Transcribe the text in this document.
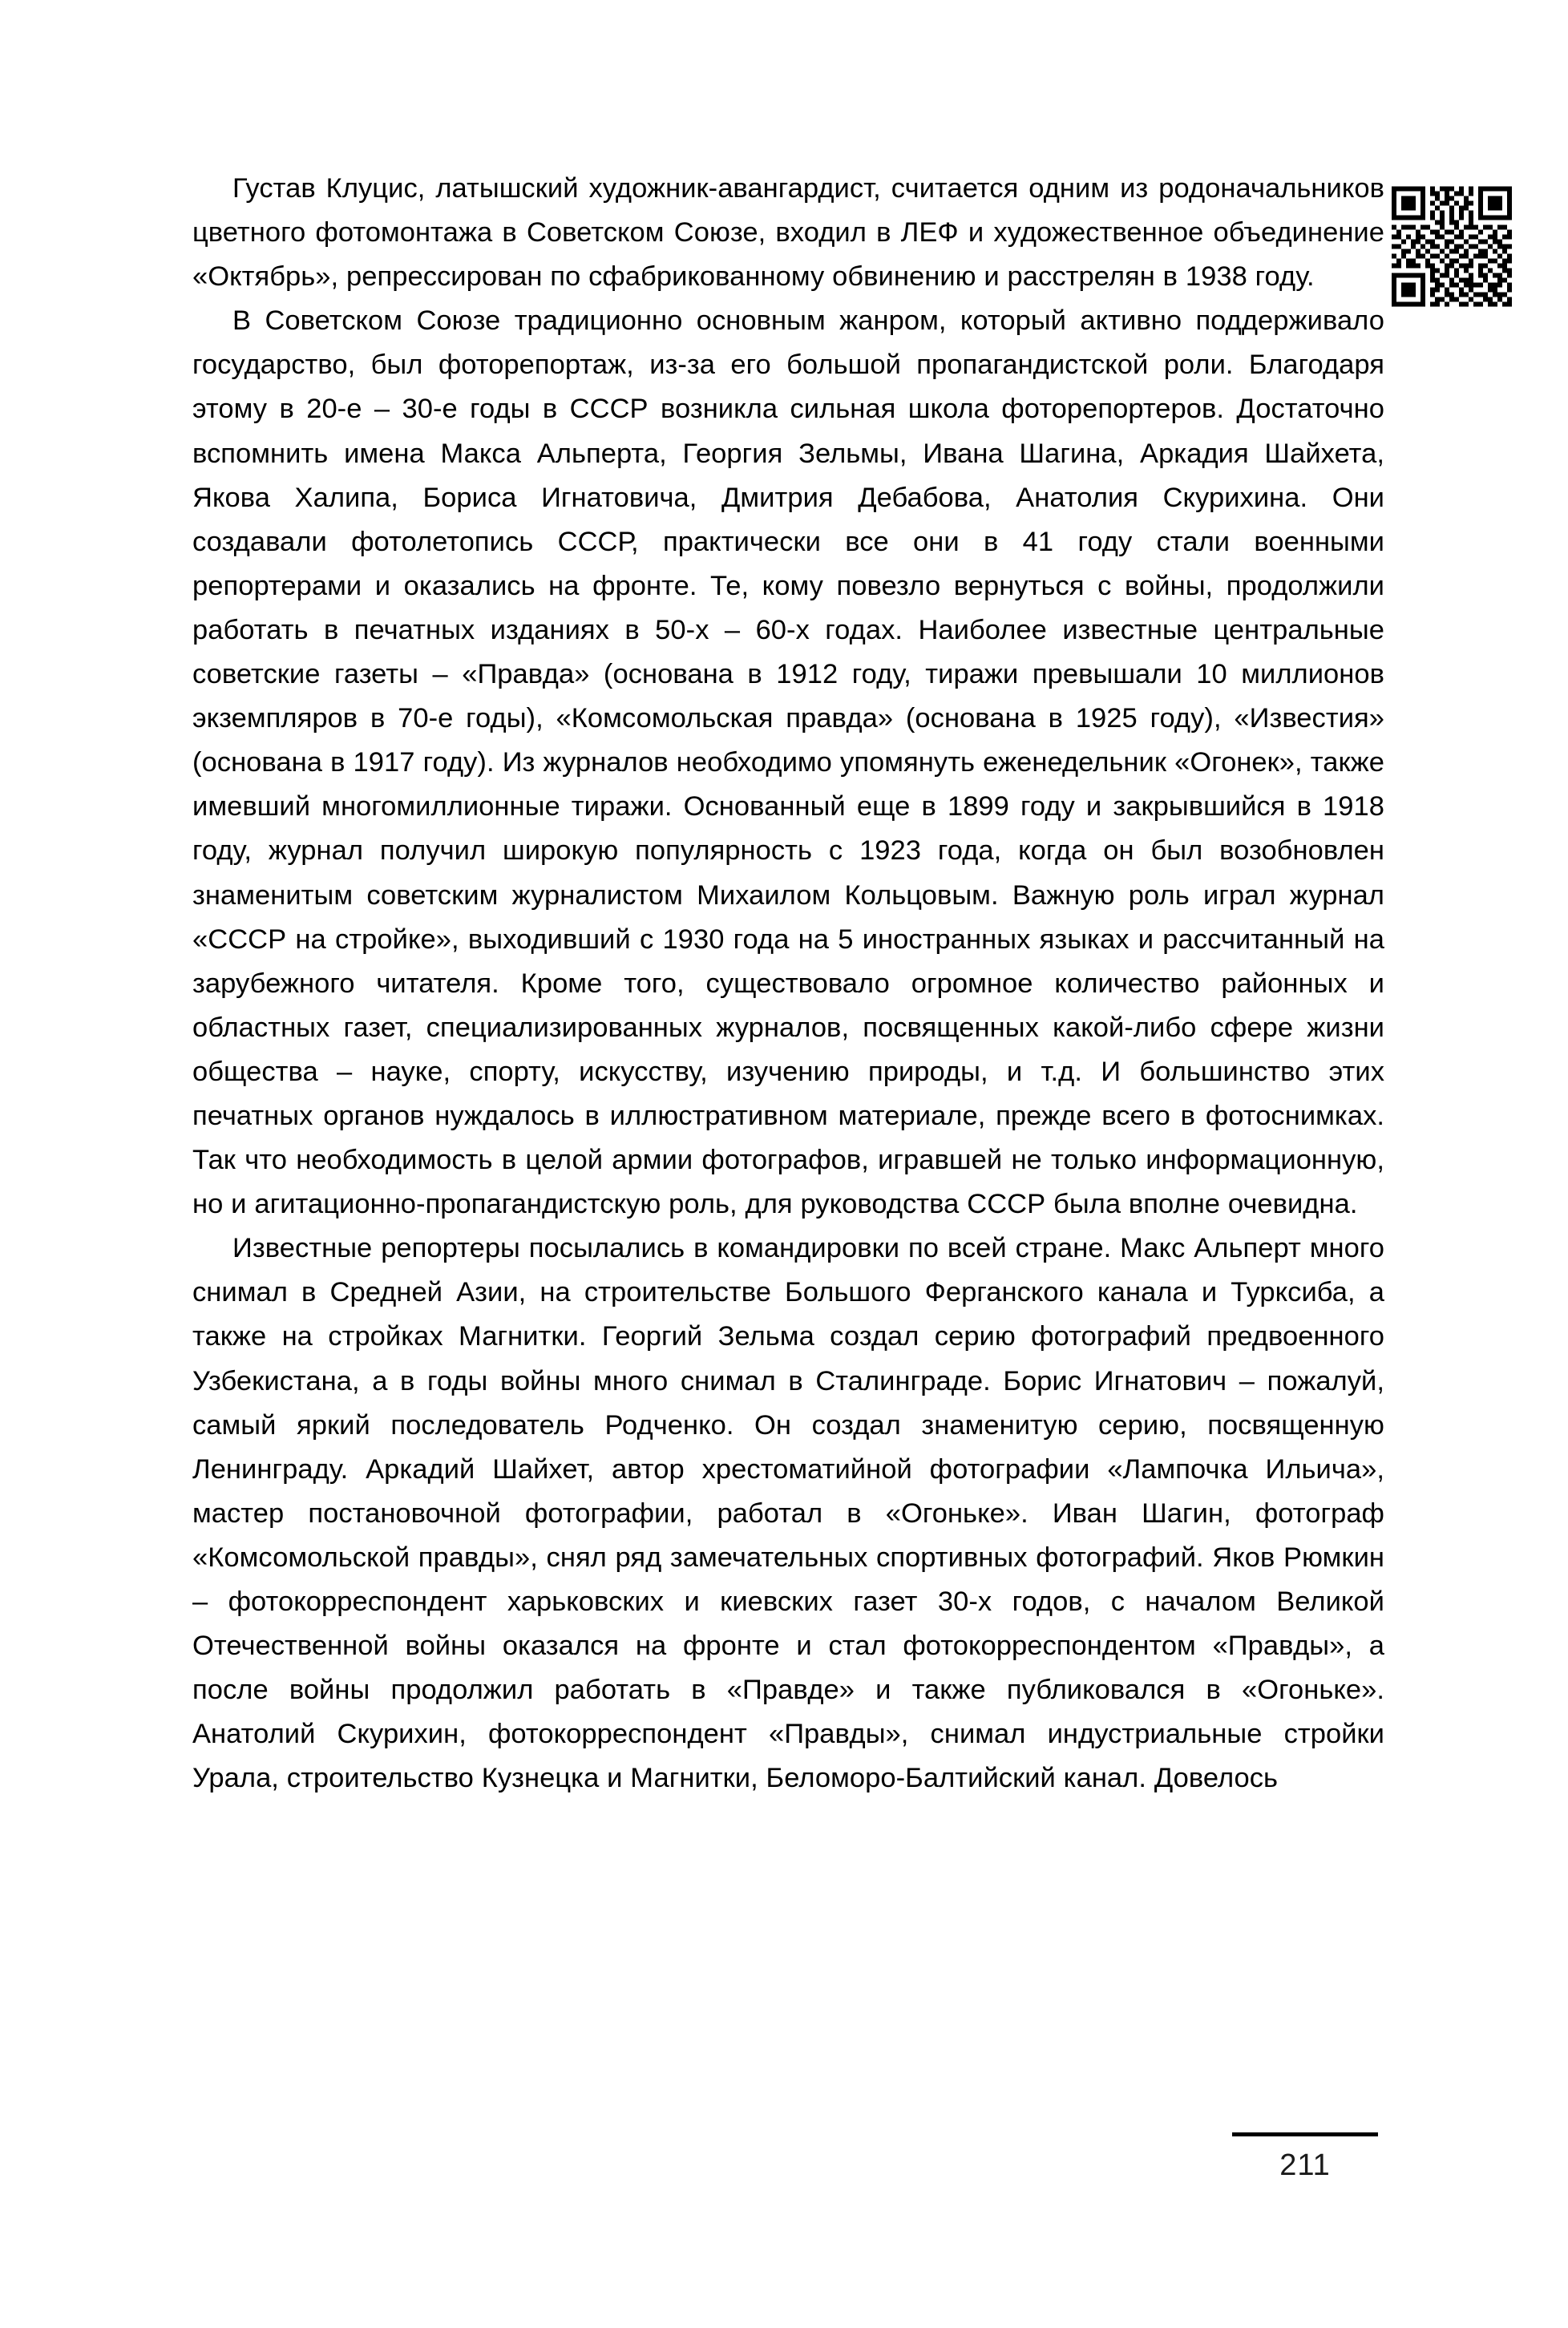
Густав Клуцис, латышский художник-авангардист, считается одним из родоначальников цветного фотомонтажа в Советском Союзе, входил в ЛЕФ и художественное объединение «Октябрь», репрессирован по сфабрикованному обвинению и расстрелян в 1938 году.

В Советском Союзе традиционно основным жанром, который активно поддерживало государство, был фоторепортаж, из-за его большой пропагандистской роли. Благодаря этому в 20-е – 30-е годы в СССР возникла сильная школа фоторепортеров. Достаточно вспомнить имена Макса Альперта, Георгия Зельмы, Ивана Шагина, Аркадия Шайхета, Якова Халипа, Бориса Игнатовича, Дмитрия Дебабова, Анатолия Скурихина. Они создавали фотолетопись СССР, практически все они в 41 году стали военными репортерами и оказались на фронте. Те, кому повезло вернуться с войны, продолжили работать в печатных изданиях в 50-х – 60-х годах. Наиболее известные центральные советские газеты – «Правда» (основана в 1912 году, тиражи превышали 10 миллионов экземпляров в 70-е годы), «Комсомольская правда» (основана в 1925 году), «Известия» (основана в 1917 году). Из журналов необходимо упомянуть еженедельник «Огонек», также имевший многомиллионные тиражи. Основанный еще в 1899 году и закрывшийся в 1918 году, журнал получил широкую популярность с 1923 года, когда он был возобновлен знаменитым советским журналистом Михаилом Кольцовым. Важную роль играл журнал «СССР на стройке», выходивший с 1930 года на 5 иностранных языках и рассчитанный на зарубежного читателя. Кроме того, существовало огромное количество районных и областных газет, специализированных журналов, посвященных какой-либо сфере жизни общества – науке, спорту, искусству, изучению природы, и т.д. И большинство этих печатных органов нуждалось в иллюстративном материале, прежде всего в фотоснимках. Так что необходимость в целой армии фотографов, игравшей не только информационную, но и агитационно-пропагандистскую роль, для руководства СССР была вполне очевидна.

Известные репортеры посылались в командировки по всей стране. Макс Альперт много снимал в Средней Азии, на строительстве Большого Ферганского канала и Турксиба, а также на стройках Магнитки. Георгий Зельма создал серию фотографий предвоенного Узбекистана, а в годы войны много снимал в Сталинграде. Борис Игнатович – пожалуй, самый яркий последователь Родченко. Он создал знаменитую серию, посвященную Ленинграду. Аркадий Шайхет, автор хрестоматийной фотографии «Лампочка Ильича», мастер постановочной фотографии, работал в «Огоньке». Иван Шагин, фотограф «Комсомольской правды», снял ряд замечательных спортивных фотографий. Яков Рюмкин – фотокорреспондент харьковских и киевских газет 30-х годов, с началом Великой Отечественной войны оказался на фронте и стал фотокорреспондентом «Правды», а после войны продолжил работать в «Правде» и также публиковался в «Огоньке». Анатолий Скурихин, фотокорреспондент «Правды», снимал индустриальные стройки Урала, строительство Кузнецка и Магнитки, Беломоро-Балтийский канал. Довелось

211
